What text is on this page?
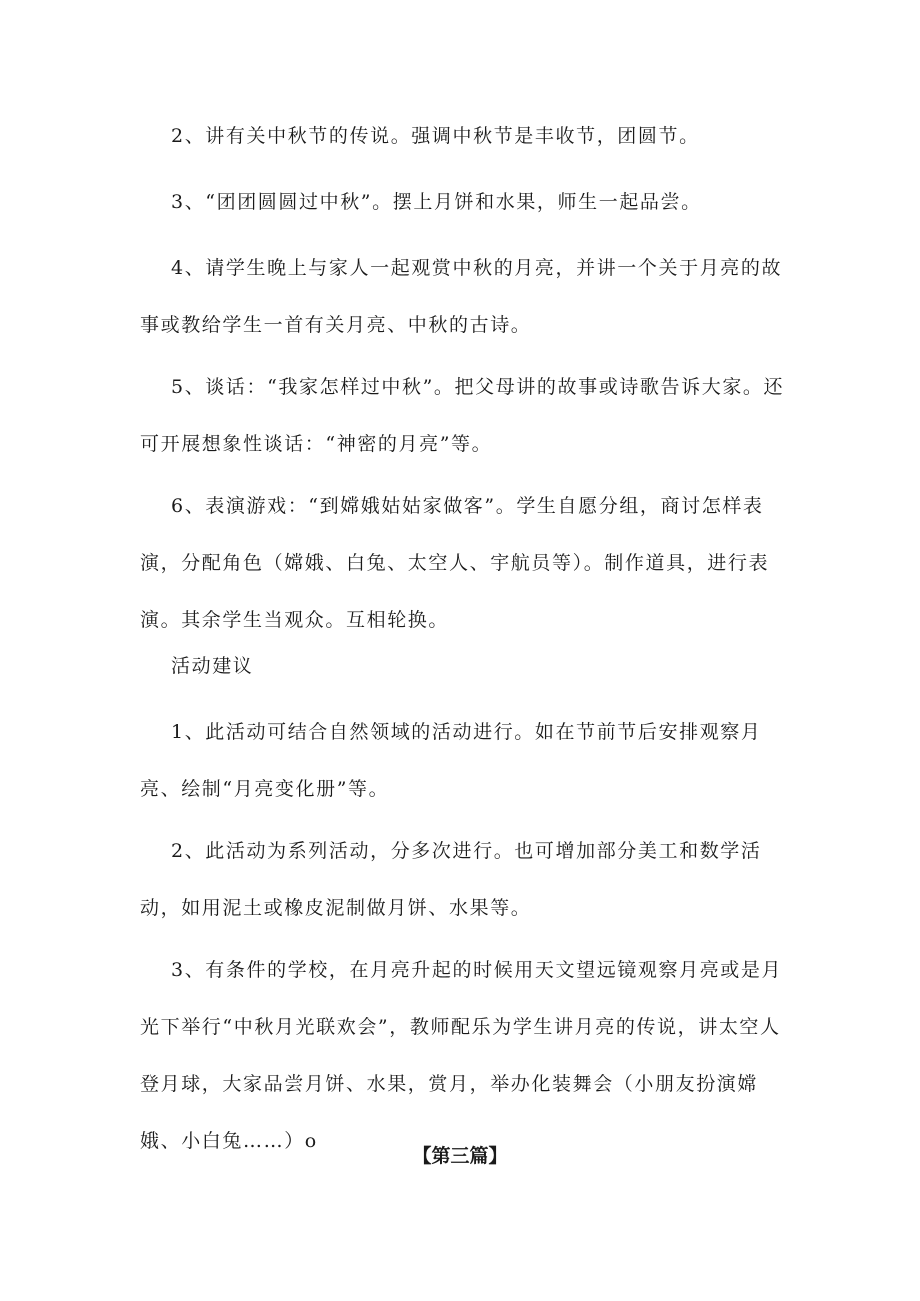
2、讲有关中秋节的传说。强调中秋节是丰收节，团圆节。

3、“团团圆圆过中秋”。摆上月饼和水果，师生一起品尝。

4、请学生晚上与家人一起观赏中秋的月亮，并讲一个关于月亮的故事或教给学生一首有关月亮、中秋的古诗。

5、谈话：“我家怎样过中秋”。把父母讲的故事或诗歌告诉大家。还可开展想象性谈话：“神密的月亮”等。

6、表演游戏：“到嫦娥姑姑家做客”。学生自愿分组，商讨怎样表演，分配角色（嫦娥、白兔、太空人、宇航员等）。制作道具，进行表演。其余学生当观众。互相轮换。

活动建议

1、此活动可结合自然领域的活动进行。如在节前节后安排观察月亮、绘制“月亮变化册”等。

2、此活动为系列活动，分多次进行。也可增加部分美工和数学活动，如用泥土或橡皮泥制做月饼、水果等。

3、有条件的学校，在月亮升起的时候用天文望远镜观察月亮或是月光下举行“中秋月光联欢会”，教师配乐为学生讲月亮的传说，讲太空人登月球，大家品尝月饼、水果，赏月，举办化装舞会（小朋友扮演嫦娥、小白兔……）o

【第三篇】
